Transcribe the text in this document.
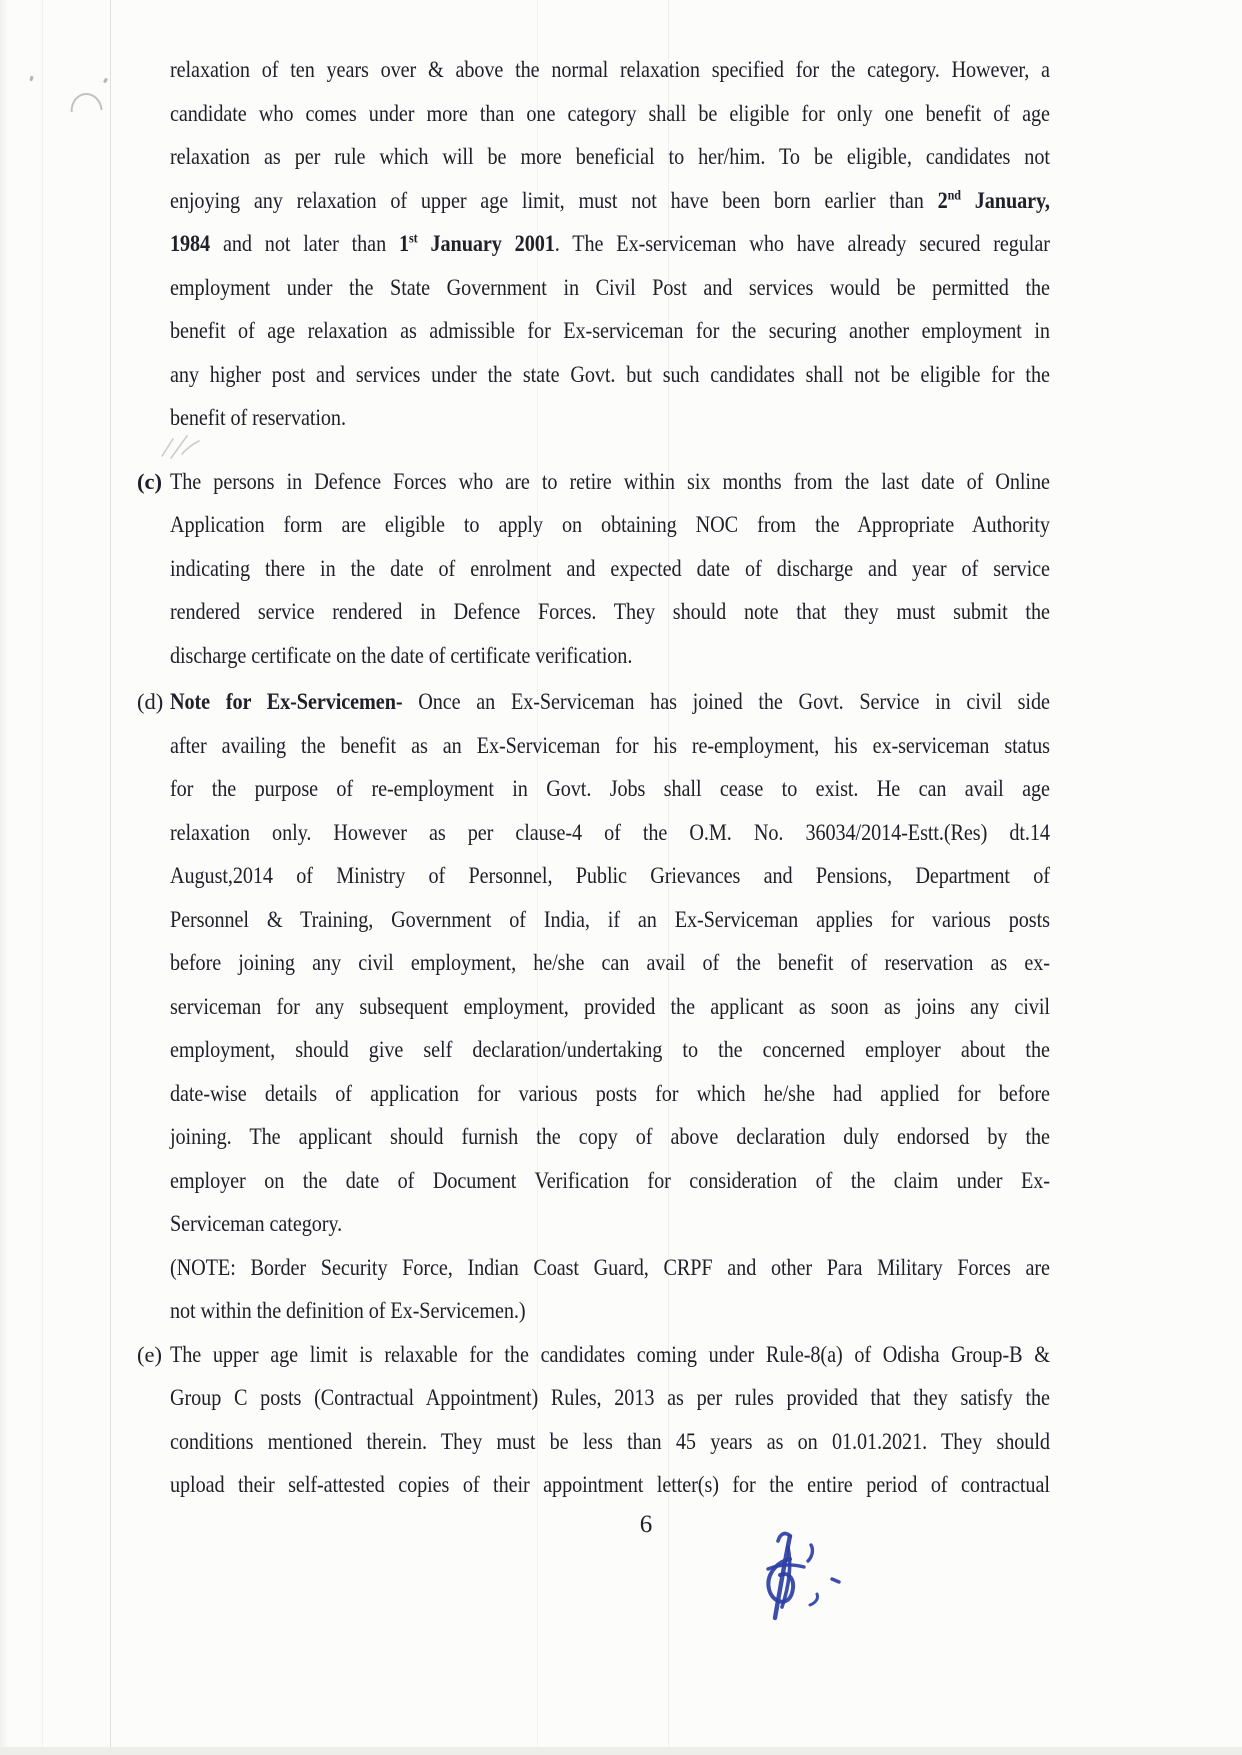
relaxation of ten years over & above the normal relaxation specified for the category. However, a
candidate who comes under more than one category shall be eligible for only one benefit of age
relaxation as per rule which will be more beneficial to her/him. To be eligible, candidates not
enjoying any relaxation of upper age limit, must not have been born earlier than 2nd January,
1984 and not later than 1st January 2001. The Ex-serviceman who have already secured regular
employment under the State Government in Civil Post and services would be permitted the
benefit of age relaxation as admissible for Ex-serviceman for the securing another employment in
any higher post and services under the state Govt. but such candidates shall not be eligible for the
benefit of reservation.
(c) The persons in Defence Forces who are to retire within six months from the last date of Online
Application form are eligible to apply on obtaining NOC from the Appropriate Authority
indicating there in the date of enrolment and expected date of discharge and year of service
rendered service rendered in Defence Forces. They should note that they must submit the
discharge certificate on the date of certificate verification.
(d) Note for Ex-Servicemen- Once an Ex-Serviceman has joined the Govt. Service in civil side
after availing the benefit as an Ex-Serviceman for his re-employment, his ex-serviceman status
for the purpose of re-employment in Govt. Jobs shall cease to exist. He can avail age
relaxation only. However as per clause-4 of the O.M. No. 36034/2014-Estt.(Res) dt.14
August,2014 of Ministry of Personnel, Public Grievances and Pensions, Department of
Personnel & Training, Government of India, if an Ex-Serviceman applies for various posts
before joining any civil employment, he/she can avail of the benefit of reservation as ex-
serviceman for any subsequent employment, provided the applicant as soon as joins any civil
employment, should give self declaration/undertaking to the concerned employer about the
date-wise details of application for various posts for which he/she had applied for before
joining. The applicant should furnish the copy of above declaration duly endorsed by the
employer on the date of Document Verification for consideration of the claim under Ex-
Serviceman category.
(NOTE: Border Security Force, Indian Coast Guard, CRPF and other Para Military Forces are
not within the definition of Ex-Servicemen.)
(e) The upper age limit is relaxable for the candidates coming under Rule-8(a) of Odisha Group-B &
Group C posts (Contractual Appointment) Rules, 2013 as per rules provided that they satisfy the
conditions mentioned therein. They must be less than 45 years as on 01.01.2021. They should
upload their self-attested copies of their appointment letter(s) for the entire period of contractual
6
